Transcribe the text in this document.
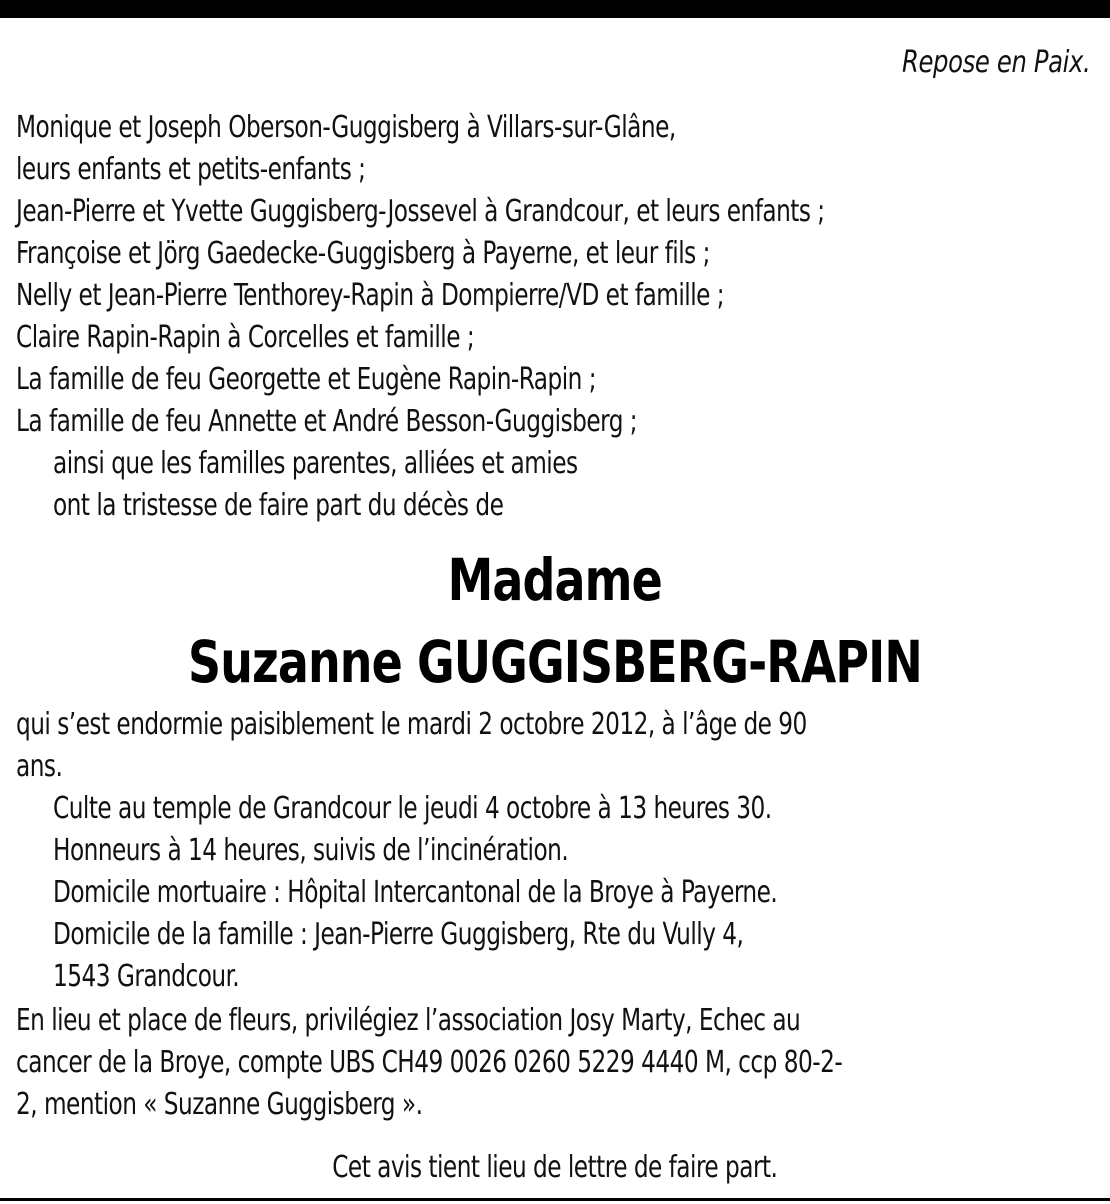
Repose en Paix.
Monique et Joseph Oberson-Guggisberg à Villars-sur-Glâne,
leurs enfants et petits-enfants ;
Jean-Pierre et Yvette Guggisberg-Jossevel à Grandcour, et leurs enfants ;
Françoise et Jörg Gaedecke-Guggisberg à Payerne, et leur fils ;
Nelly et Jean-Pierre Tenthorey-Rapin à Dompierre/VD et famille ;
Claire Rapin-Rapin à Corcelles et famille ;
La famille de feu Georgette et Eugène Rapin-Rapin ;
La famille de feu Annette et André Besson-Guggisberg ;
ainsi que les familles parentes, alliées et amies
ont la tristesse de faire part du décès de
Madame
Suzanne GUGGISBERG-RAPIN
qui s’est endormie paisiblement le mardi 2 octobre 2012, à l’âge de 90
ans.
Culte au temple de Grandcour le jeudi 4 octobre à 13 heures 30.
Honneurs à 14 heures, suivis de l’incinération.
Domicile mortuaire : Hôpital Intercantonal de la Broye à Payerne.
Domicile de la famille : Jean-Pierre Guggisberg, Rte du Vully 4,
1543 Grandcour.
En lieu et place de fleurs, privilégiez l’association Josy Marty, Echec au
cancer de la Broye, compte UBS CH49 0026 0260 5229 4440 M, ccp 80-2-
2, mention « Suzanne Guggisberg ».
Cet avis tient lieu de lettre de faire part.
